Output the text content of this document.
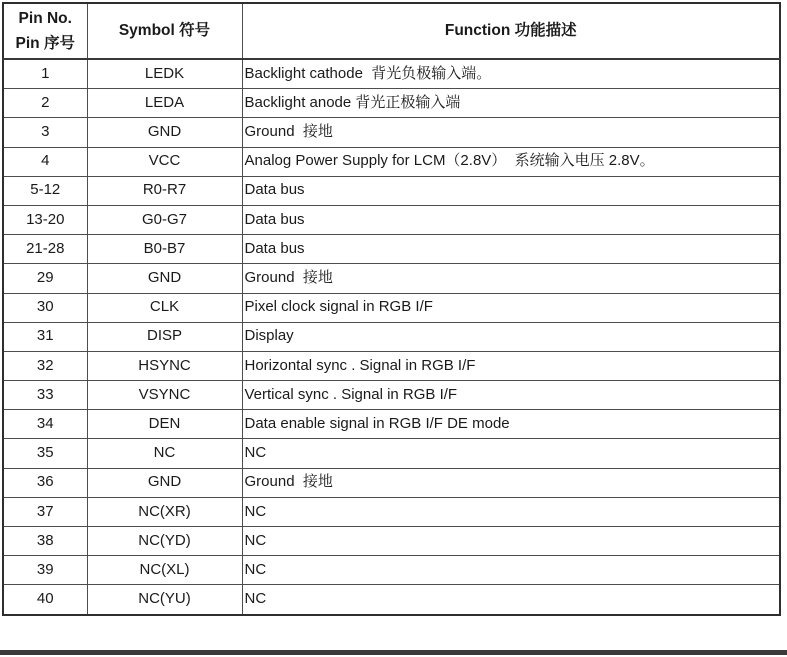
Pin No.
Pin 序号	Symbol 符号	Function 功能描述
1	LEDK	Backlight cathode  背光负极输入端。
2	LEDA	Backlight anode 背光正极输入端
3	GND	Ground  接地
4	VCC	Analog Power Supply for LCM（2.8V）  系统输入电压 2.8V。
5-12	R0-R7	Data bus
13-20	G0-G7	Data bus
21-28	B0-B7	Data bus
29	GND	Ground  接地
30	CLK	Pixel clock signal in RGB I/F
31	DISP	Display
32	HSYNC	Horizontal sync . Signal in RGB I/F
33	VSYNC	Vertical sync . Signal in RGB I/F
34	DEN	Data enable signal in RGB I/F DE mode
35	NC	NC
36	GND	Ground  接地
37	NC(XR)	NC
38	NC(YD)	NC
39	NC(XL)	NC
40	NC(YU)	NC
